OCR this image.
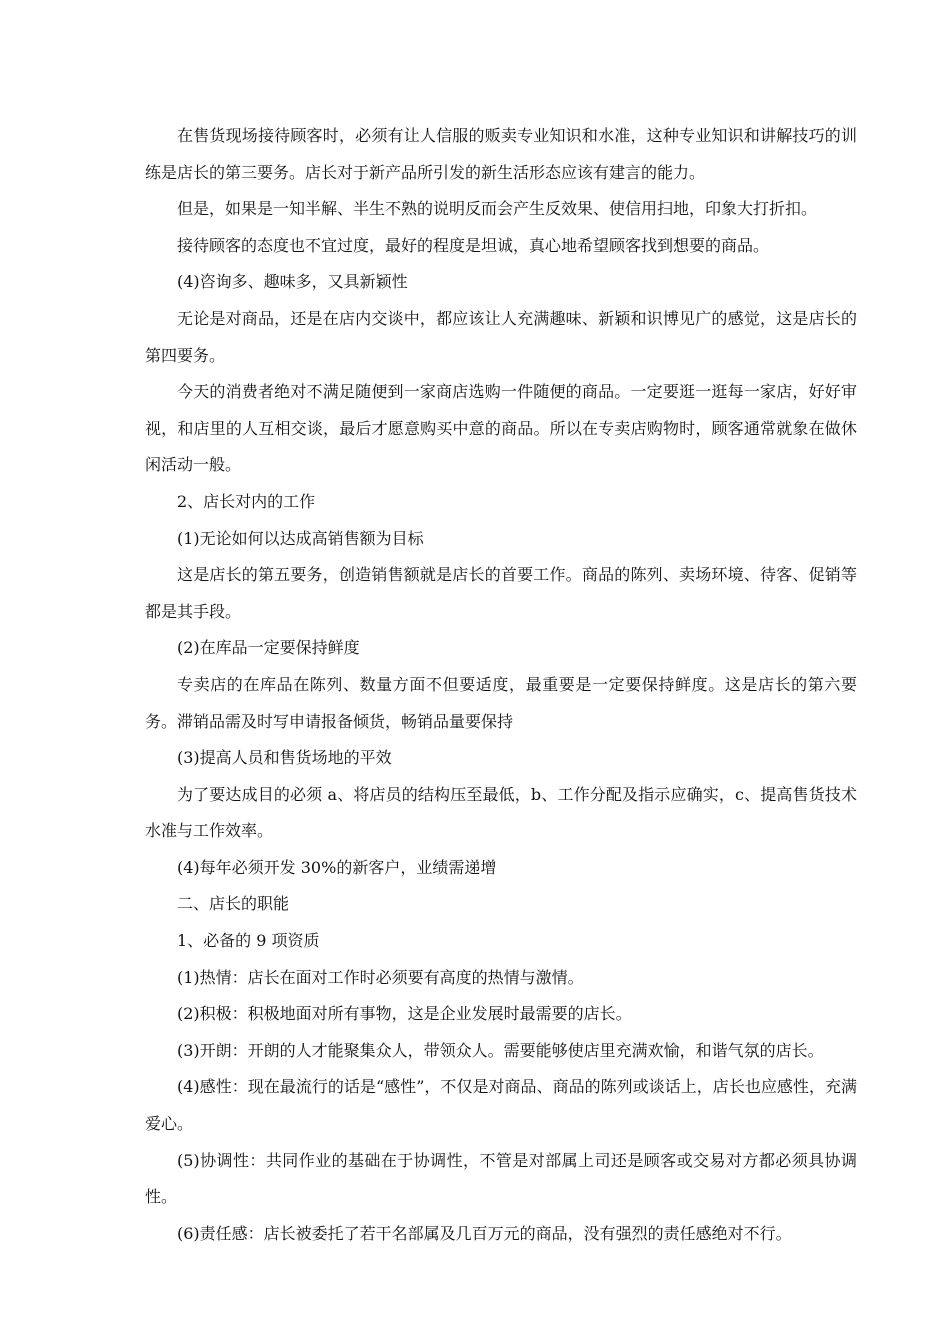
在售货现场接待顾客时，必须有让人信服的贩卖专业知识和水准，这种专业知识和讲解技巧的训练是店长的第三要务。店长对于新产品所引发的新生活形态应该有建言的能力。

但是，如果是一知半解、半生不熟的说明反而会产生反效果、使信用扫地，印象大打折扣。

接待顾客的态度也不宜过度，最好的程度是坦诚，真心地希望顾客找到想要的商品。

(4)咨询多、趣味多，又具新颖性

无论是对商品，还是在店内交谈中，都应该让人充满趣味、新颖和识博见广的感觉，这是店长的第四要务。

今天的消费者绝对不满足随便到一家商店选购一件随便的商品。一定要逛一逛每一家店，好好审视，和店里的人互相交谈，最后才愿意购买中意的商品。所以在专卖店购物时，顾客通常就象在做休闲活动一般。

2、店长对内的工作

(1)无论如何以达成高销售额为目标

这是店长的第五要务，创造销售额就是店长的首要工作。商品的陈列、卖场环境、待客、促销等都是其手段。

(2)在库品一定要保持鲜度

专卖店的在库品在陈列、数量方面不但要适度，最重要是一定要保持鲜度。这是店长的第六要务。滞销品需及时写申请报备倾货，畅销品量要保持

(3)提高人员和售货场地的平效

为了要达成目的必须 a、将店员的结构压至最低，b、工作分配及指示应确实，c、提高售货技术水准与工作效率。

(4)每年必须开发 30%的新客户，业绩需递增

二、店长的职能

1、必备的 9 项资质

(1)热情：店长在面对工作时必须要有高度的热情与激情。

(2)积极：积极地面对所有事物，这是企业发展时最需要的店长。

(3)开朗：开朗的人才能聚集众人，带领众人。需要能够使店里充满欢愉，和谐气氛的店长。

(4)感性：现在最流行的话是“感性”，不仅是对商品、商品的陈列或谈话上，店长也应感性，充满爱心。

(5)协调性：共同作业的基础在于协调性，不管是对部属上司还是顾客或交易对方都必须具协调性。

(6)责任感：店长被委托了若干名部属及几百万元的商品，没有强烈的责任感绝对不行。
